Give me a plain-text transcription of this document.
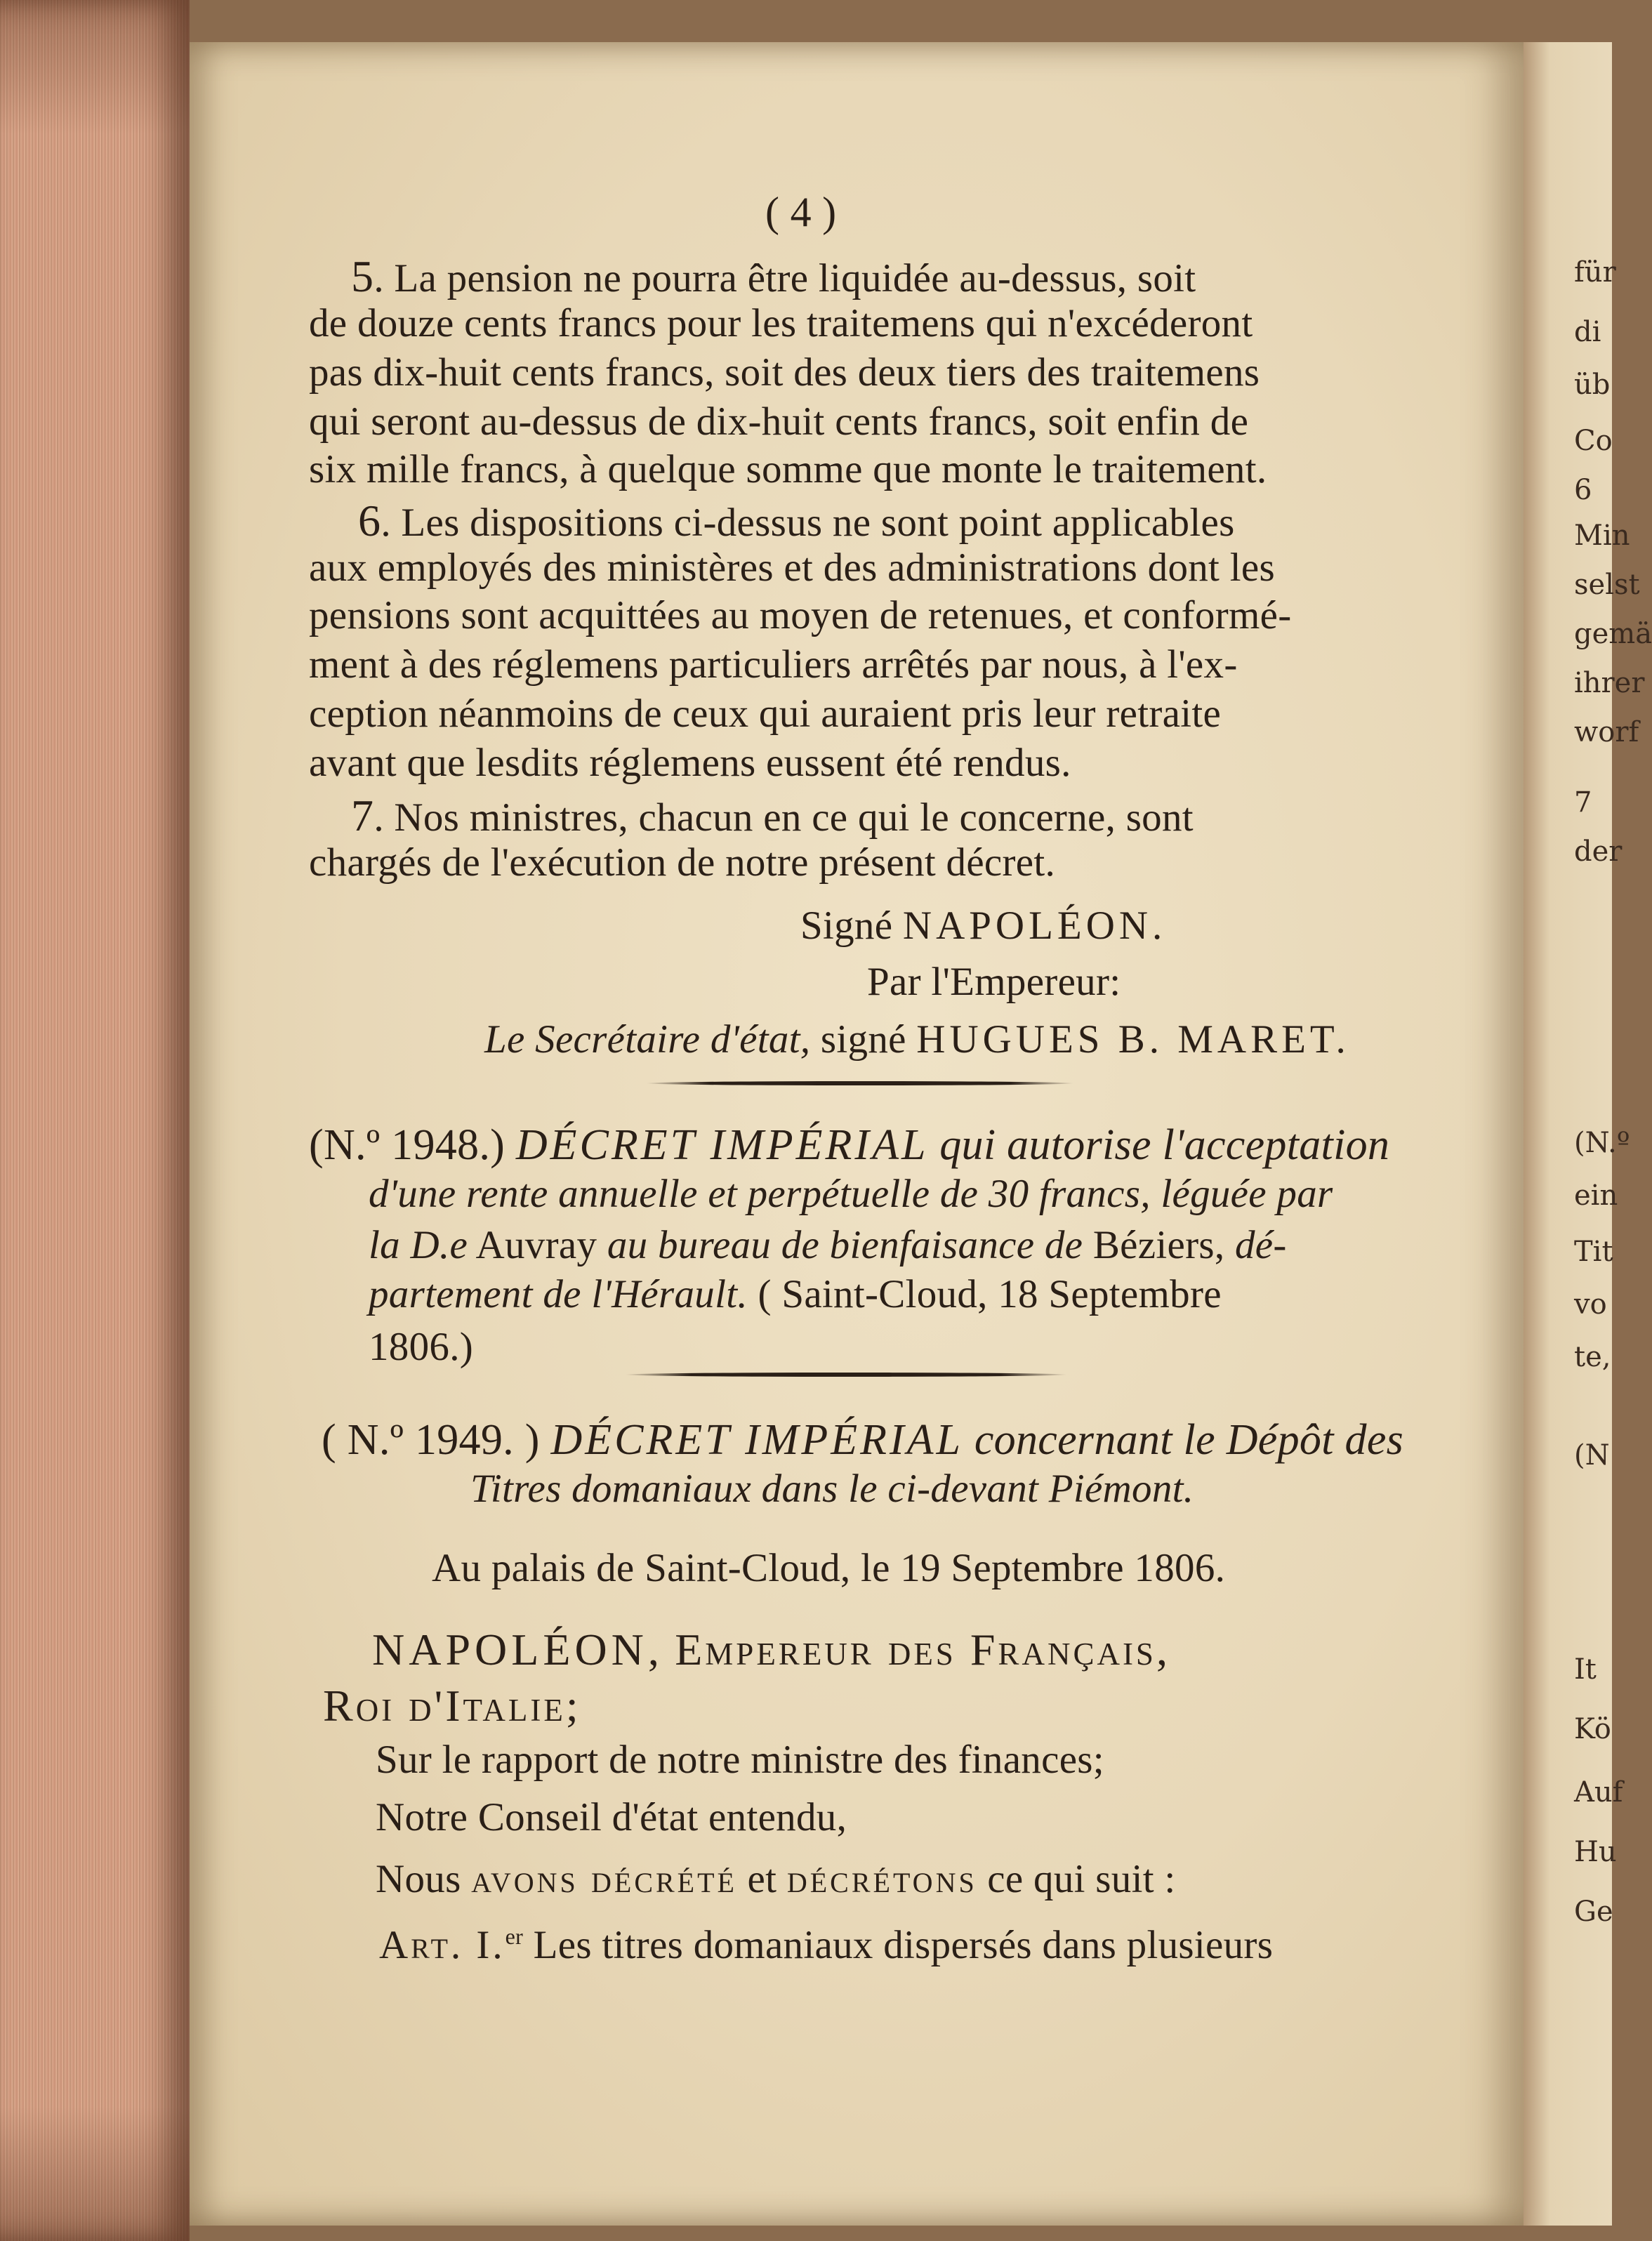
für
di
üb
Co
6
Min
selst
gemä
ihrer
worf
7
der
(N.º
ein
Tit
vo
te,
(N
It
Kö
Auf
Hu
Ge
( 4 )
5. La pension ne pourra être liquidée au-dessus, soit
de douze cents francs pour les traitemens qui n'excéderont
pas dix-huit cents francs, soit des deux tiers des traitemens
qui seront au-dessus de dix-huit cents francs, soit enfin de
six mille francs, à quelque somme que monte le traitement.
6. Les dispositions ci-dessus ne sont point applicables
aux employés des ministères et des administrations dont les
pensions sont acquittées au moyen de retenues, et conformé-
ment à des réglemens particuliers arrêtés par nous, à l'ex-
ception néanmoins de ceux qui auraient pris leur retraite
avant que lesdits réglemens eussent été rendus.
7. Nos ministres, chacun en ce qui le concerne, sont
chargés de l'exécution de notre présent décret.
Signé NAPOLÉON.
Par l'Empereur:
Le Secrétaire d'état, signé HUGUES B. MARET.
(N.º 1948.) DÉCRET IMPÉRIAL qui autorise l'acceptation
d'une rente annuelle et perpétuelle de 30 francs, léguée par
la D.e Auvray au bureau de bienfaisance de Béziers, dé-
partement de l'Hérault. ( Saint-Cloud, 18 Septembre
1806.)
( N.º 1949. ) DÉCRET IMPÉRIAL concernant le Dépôt des
Titres domaniaux dans le ci-devant Piémont.
Au palais de Saint-Cloud, le 19 Septembre 1806.
NAPOLÉON, Empereur des Français,
Roi d'Italie;
Sur le rapport de notre ministre des finances;
Notre Conseil d'état entendu,
Nous avons décrété et décrétons ce qui suit :
Art. I.$^{er}$ Les titres domaniaux dispersés dans plusieurs
